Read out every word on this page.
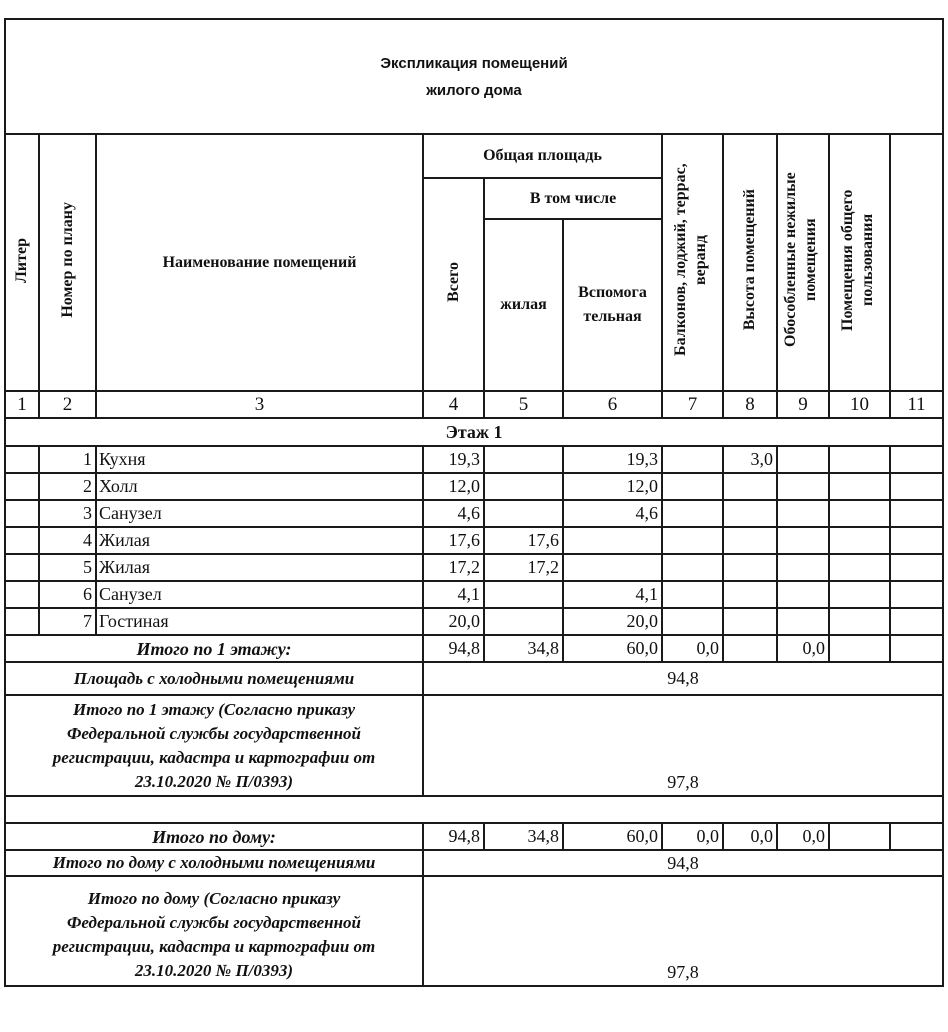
Экспликация помещений
жилого дома										

Литер	Номер по плану	Наименование помещений	Общая площадь			Балконов, лоджий, террас, веранд	Высота помещений	Обособленные нежилые помещения	Помещения общего пользования	
			Всего	В том числе						
				жилая	Вспомога тельная					
1	2	3	4	5	6	7	8	9	10	11
Этаж 1										
	1	Кухня	19,3		19,3		3,0			
	2	Холл	12,0		12,0					
	3	Санузел	4,6		4,6					
	4	Жилая	17,6	17,6						
	5	Жилая	17,2	17,2						
	6	Санузел	4,1		4,1					
	7	Гостиная	20,0		20,0					
Итого по 1 этажу:			94,8	34,8	60,0	0,0		0,0		
Площадь с холодными помещениями			94,8							

Итого по 1 этажу (Согласно приказу
Федеральной службы государственной
регистрации, кадастра и картографии от
23.10.2020 № П/0393)			97,8							

Итого по дому:			94,8	34,8	60,0	0,0	0,0	0,0		
Итого по дому с холодными помещениями			94,8							

Итого по дому (Согласно приказу
Федеральной службы государственной
регистрации, кадастра и картографии от
23.10.2020 № П/0393)			97,8							
